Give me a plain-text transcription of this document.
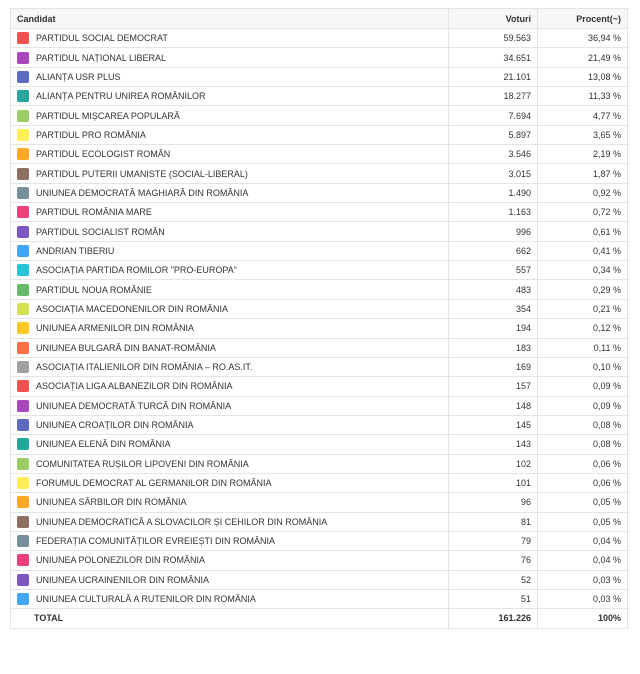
Candidat	Voturi	Procent(~)
PARTIDUL SOCIAL DEMOCRAT	59.563	36,94 %
PARTIDUL NAȚIONAL LIBERAL	34.651	21,49 %
ALIANȚA USR PLUS	21.101	13,08 %
ALIANȚA PENTRU UNIREA ROMÂNILOR	18.277	11,33 %
PARTIDUL MIȘCAREA POPULARĂ	7.694	4,77 %
PARTIDUL PRO ROMÂNIA	5.897	3,65 %
PARTIDUL ECOLOGIST ROMÂN	3.546	2,19 %
PARTIDUL PUTERII UMANISTE (SOCIAL-LIBERAL)	3.015	1,87 %
UNIUNEA DEMOCRATĂ MAGHIARĂ DIN ROMÂNIA	1.490	0,92 %
PARTIDUL ROMÂNIA MARE	1.163	0,72 %
PARTIDUL SOCIALIST ROMÂN	996	0,61 %
ANDRIAN TIBERIU	662	0,41 %
ASOCIAȚIA PARTIDA ROMILOR "PRO-EUROPA"	557	0,34 %
PARTIDUL NOUA ROMÂNIE	483	0,29 %
ASOCIAȚIA MACEDONENILOR DIN ROMÂNIA	354	0,21 %
UNIUNEA ARMENILOR DIN ROMÂNIA	194	0,12 %
UNIUNEA BULGARĂ DIN BANAT-ROMÂNIA	183	0,11 %
ASOCIAȚIA ITALIENILOR DIN ROMÂNIA – RO.AS.IT.	169	0,10 %
ASOCIAȚIA LIGA ALBANEZILOR DIN ROMÂNIA	157	0,09 %
UNIUNEA DEMOCRATĂ TURCĂ DIN ROMÂNIA	148	0,09 %
UNIUNEA CROAȚILOR DIN ROMÂNIA	145	0,08 %
UNIUNEA ELENĂ DIN ROMÂNIA	143	0,08 %
COMUNITATEA RUȘILOR LIPOVENI DIN ROMÂNIA	102	0,06 %
FORUMUL DEMOCRAT AL GERMANILOR DIN ROMÂNIA	101	0,06 %
UNIUNEA SÂRBILOR DIN ROMÂNIA	96	0,05 %
UNIUNEA DEMOCRATICĂ A SLOVACILOR ȘI CEHILOR DIN ROMÂNIA	81	0,05 %
FEDERAȚIA COMUNITĂȚILOR EVREIEȘTI DIN ROMÂNIA	79	0,04 %
UNIUNEA POLONEZILOR DIN ROMÂNIA	76	0,04 %
UNIUNEA UCRAINENILOR DIN ROMÂNIA	52	0,03 %
UNIUNEA CULTURALĂ A RUTENILOR DIN ROMÂNIA	51	0,03 %
TOTAL	161.226	100%
